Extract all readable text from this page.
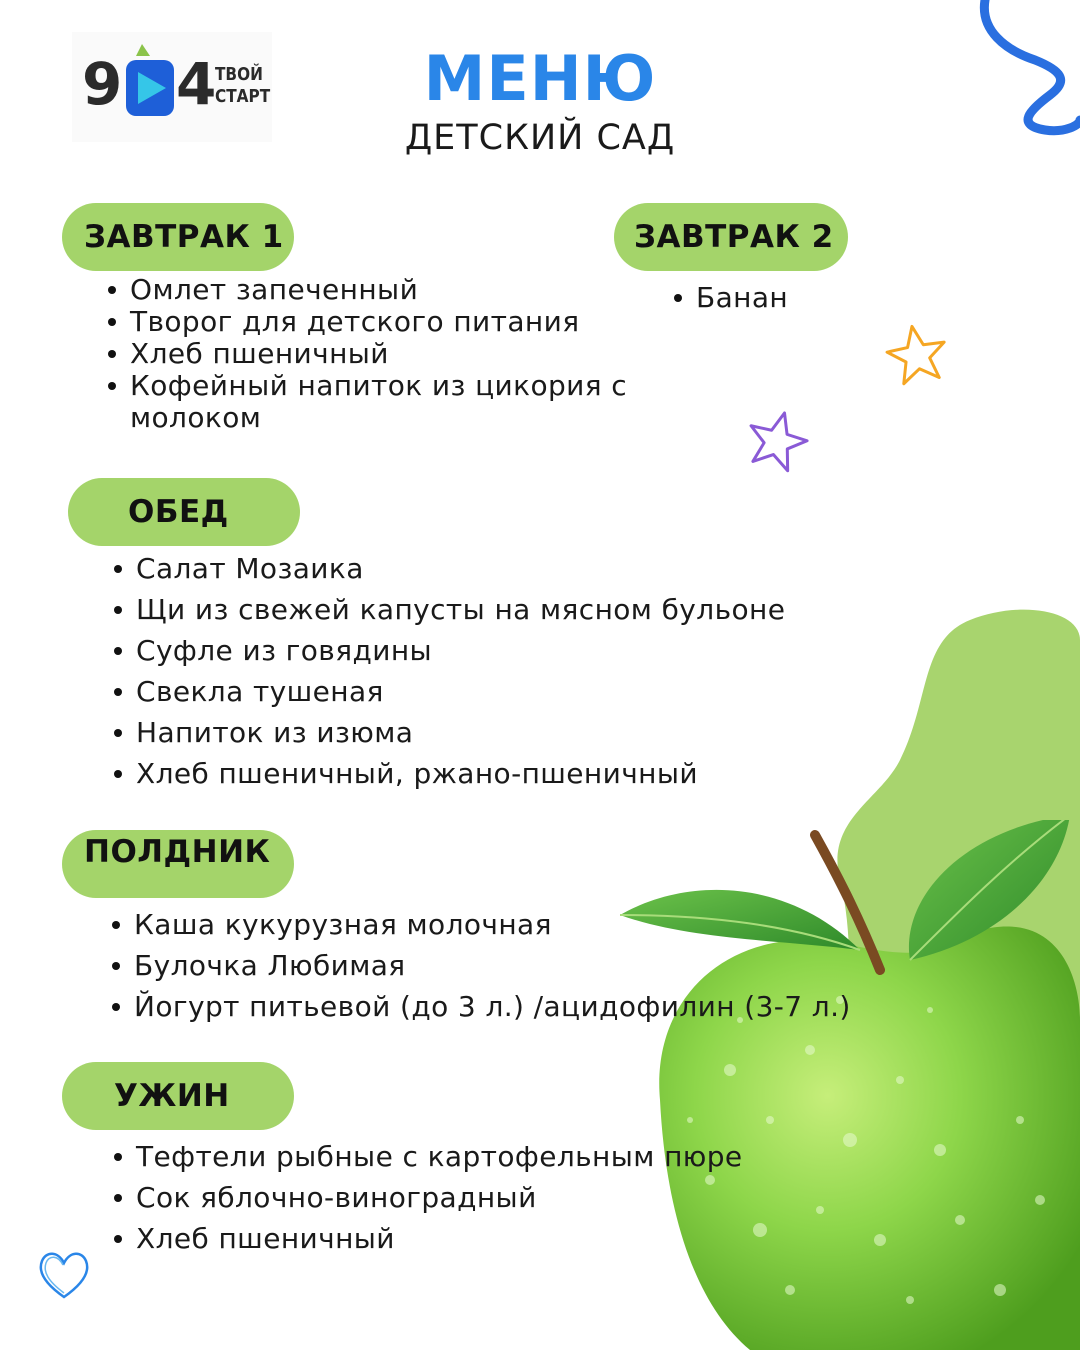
9 4
ТВОЙ
СТАРТ	МЕНЮ
ДЕТСКИЙ САД
ЗАВТРАК 1
Омлет запеченный
Творог для детского питания
Хлеб пшеничный
Кофейный напиток из цикория с молоком
ЗАВТРАК 2
Банан
ОБЕД
Салат Мозаика
Щи из свежей капусты на мясном бульоне
Суфле из говядины
Свекла тушеная
Напиток из изюма
Хлеб пшеничный, ржано-пшеничный
ПОЛДНИК
Каша кукурузная молочная
Булочка Любимая
Йогурт питьевой (до 3 л.) /ацидофилин (3-7 л.)
УЖИН
Тефтели рыбные с картофельным пюре
Сок яблочно-виноградный
Хлеб пшеничный
